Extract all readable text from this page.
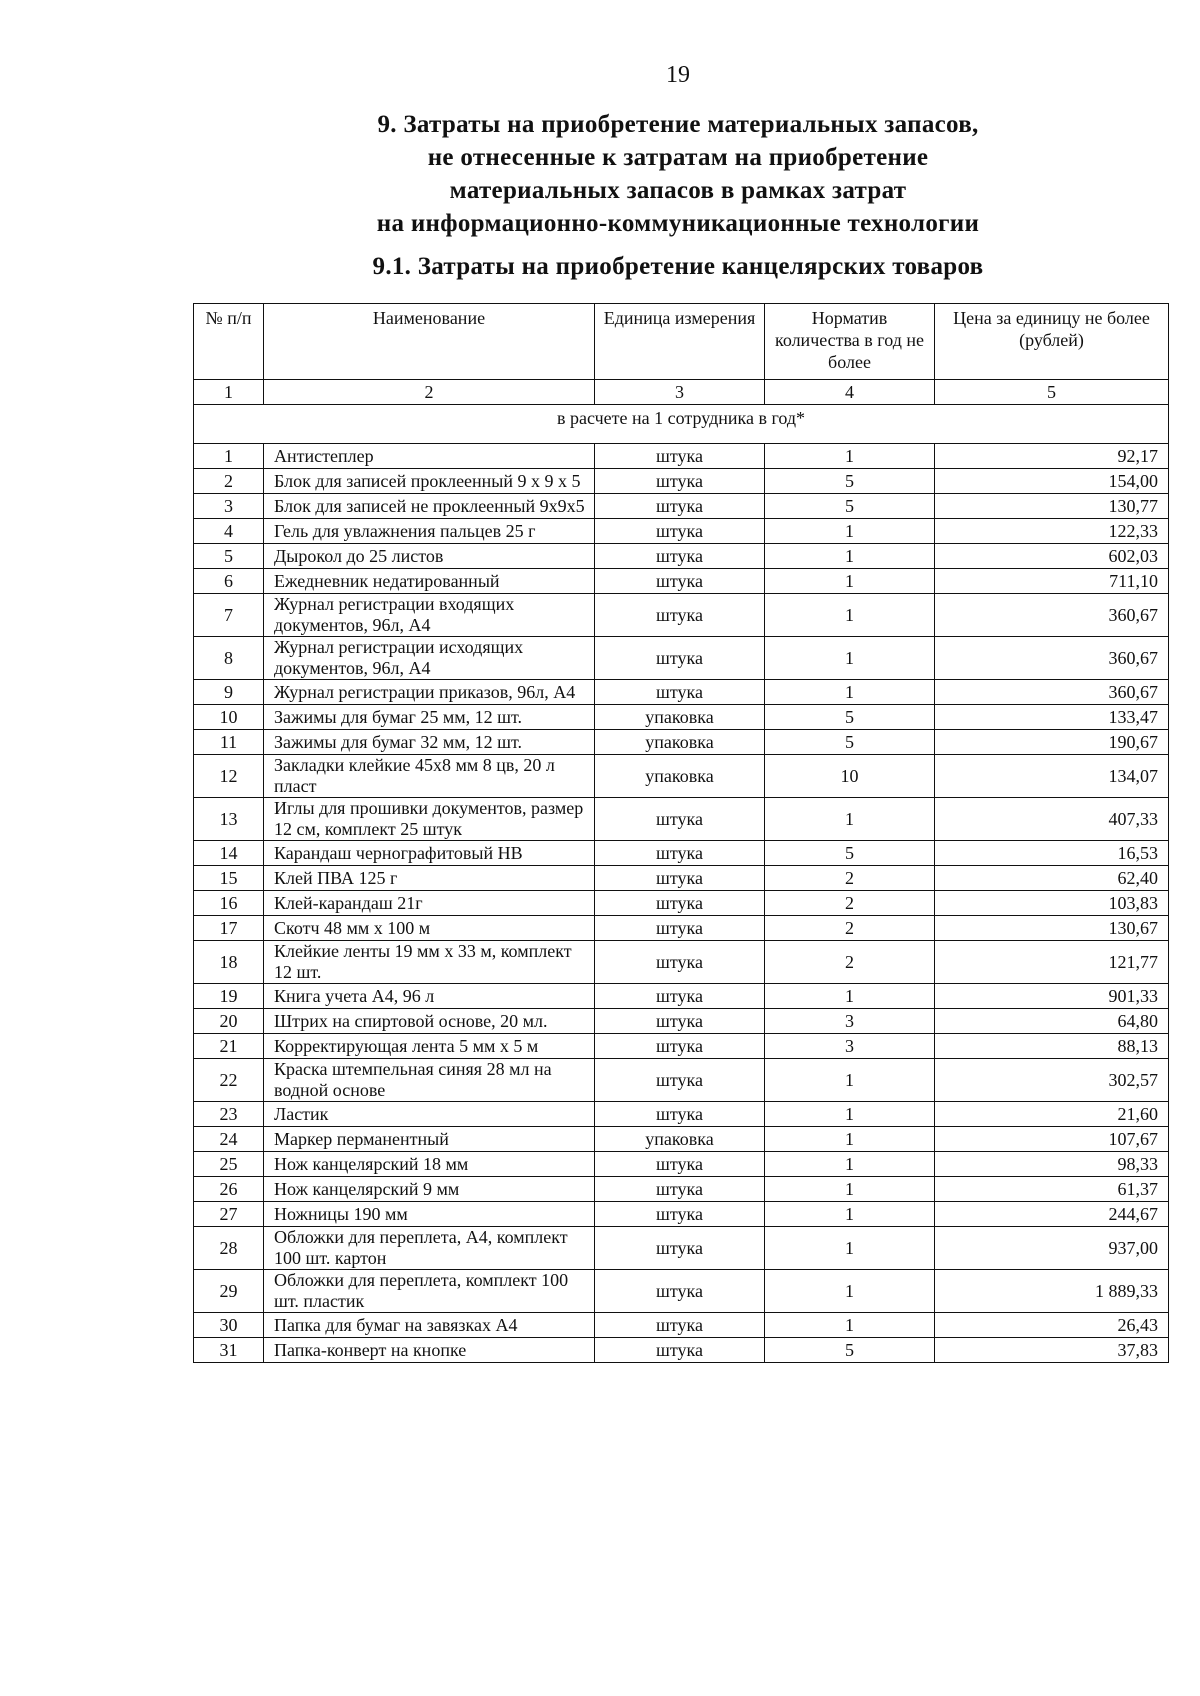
19
9. Затраты на приобретение материальных запасов,
не отнесенные к затратам на приобретение
материальных запасов в рамках затрат
на информационно-коммуникационные технологии
9.1. Затраты на приобретение канцелярских товаров
№ п/п	Наименование	Единица измерения	Норматив количества в год не более	Цена за единицу не более (рублей)
1	2	3	4	5
в расчете на 1 сотрудника в год*				
1	Антистеплер	штука	1	92,17
2	Блок для записей проклеенный 9 х 9 х 5	штука	5	154,00
3	Блок для записей не проклеенный 9х9х5	штука	5	130,77
4	Гель для увлажнения пальцев 25 г	штука	1	122,33
5	Дырокол до 25 листов	штука	1	602,03
6	Ежедневник недатированный	штука	1	711,10
7	Журнал регистрации входящих документов, 96л, А4	штука	1	360,67
8	Журнал регистрации исходящих документов, 96л, А4	штука	1	360,67
9	Журнал регистрации приказов, 96л, А4	штука	1	360,67
10	Зажимы для бумаг 25 мм, 12 шт.	упаковка	5	133,47
11	Зажимы для бумаг 32 мм, 12 шт.	упаковка	5	190,67
12	Закладки клейкие 45х8 мм 8 цв, 20 л пласт	упаковка	10	134,07
13	Иглы для прошивки документов, размер 12 см, комплект 25 штук	штука	1	407,33
14	Карандаш чернографитовый НВ	штука	5	16,53
15	Клей ПВА 125 г	штука	2	62,40
16	Клей-карандаш 21г	штука	2	103,83
17	Скотч 48 мм х 100 м	штука	2	130,67
18	Клейкие ленты 19 мм х 33 м, комплект 12 шт.	штука	2	121,77
19	Книга учета А4, 96 л	штука	1	901,33
20	Штрих на спиртовой основе, 20 мл.	штука	3	64,80
21	Корректирующая лента 5 мм х 5 м	штука	3	88,13
22	Краска штемпельная синяя 28 мл на водной основе	штука	1	302,57
23	Ластик	штука	1	21,60
24	Маркер перманентный	упаковка	1	107,67
25	Нож канцелярский 18 мм	штука	1	98,33
26	Нож канцелярский 9 мм	штука	1	61,37
27	Ножницы 190 мм	штука	1	244,67
28	Обложки для переплета, А4, комплект 100 шт. картон	штука	1	937,00
29	Обложки для переплета, комплект 100 шт. пластик	штука	1	1 889,33
30	Папка для бумаг на завязках А4	штука	1	26,43
31	Папка-конверт на кнопке	штука	5	37,83
